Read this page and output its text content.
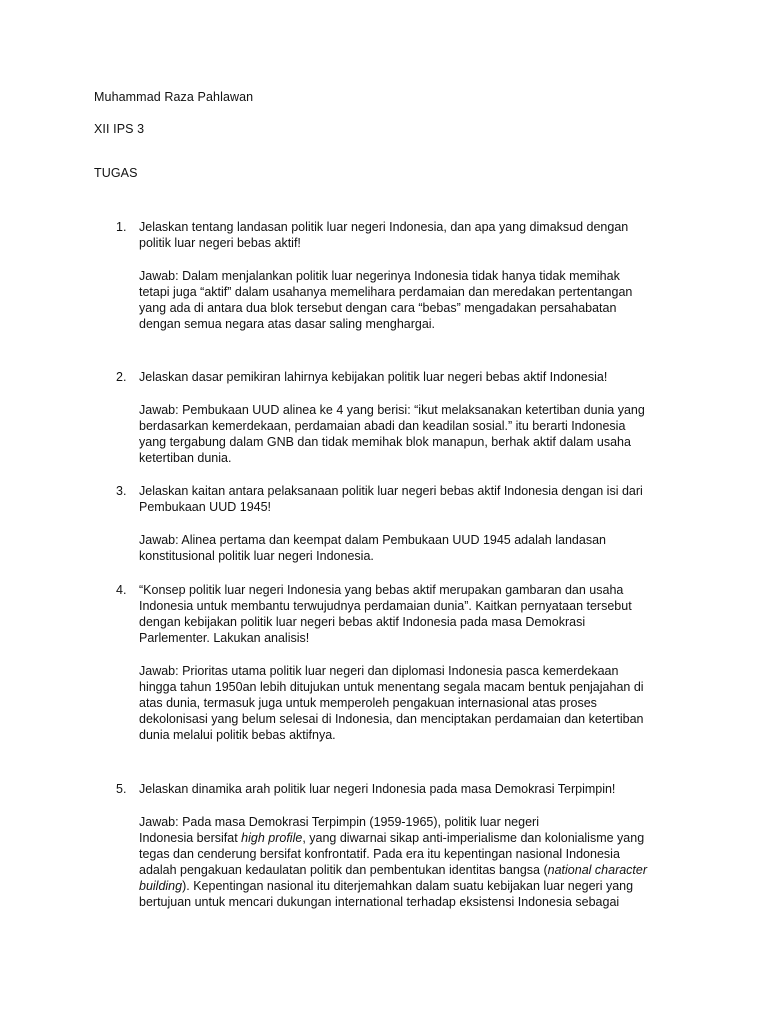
Muhammad Raza Pahlawan
XII IPS 3
TUGAS
1.	Jelaskan tentang landasan politik luar negeri Indonesia, dan apa yang dimaksud dengan
politik luar negeri bebas aktif!
Jawab: Dalam menjalankan politik luar negerinya Indonesia tidak hanya tidak memihak
tetapi juga “aktif” dalam usahanya memelihara perdamaian dan meredakan pertentangan
yang ada di antara dua blok tersebut dengan cara “bebas” mengadakan persahabatan
dengan semua negara atas dasar saling menghargai.
2.	Jelaskan dasar pemikiran lahirnya kebijakan politik luar negeri bebas aktif Indonesia!
Jawab: Pembukaan UUD alinea ke 4 yang berisi: “ikut melaksanakan ketertiban dunia yang
berdasarkan kemerdekaan, perdamaian abadi dan keadilan sosial.” itu berarti Indonesia
yang tergabung dalam GNB dan tidak memihak blok manapun, berhak aktif dalam usaha
ketertiban dunia.
3.	Jelaskan kaitan antara pelaksanaan politik luar negeri bebas aktif Indonesia dengan isi dari
Pembukaan UUD 1945!
Jawab: Alinea pertama dan keempat dalam Pembukaan UUD 1945 adalah landasan
konstitusional politik luar negeri Indonesia.
4.	“Konsep politik luar negeri Indonesia yang bebas aktif merupakan gambaran dan usaha
Indonesia untuk membantu terwujudnya perdamaian dunia”. Kaitkan pernyataan tersebut
dengan kebijakan politik luar negeri bebas aktif Indonesia pada masa Demokrasi
Parlementer. Lakukan analisis!
Jawab: Prioritas utama politik luar negeri dan diplomasi Indonesia pasca kemerdekaan
hingga tahun 1950an lebih ditujukan untuk menentang segala macam bentuk penjajahan di
atas dunia, termasuk juga untuk memperoleh pengakuan internasional atas proses
dekolonisasi yang belum selesai di Indonesia, dan menciptakan perdamaian dan ketertiban
dunia melalui politik bebas aktifnya.
5.	Jelaskan dinamika arah politik luar negeri Indonesia pada masa Demokrasi Terpimpin!
Jawab: Pada masa Demokrasi Terpimpin (1959-1965), politik luar negeri
Indonesia bersifat high profile, yang diwarnai sikap anti-imperialisme dan kolonialisme yang
tegas dan cenderung bersifat konfrontatif. Pada era itu kepentingan nasional Indonesia
adalah pengakuan kedaulatan politik dan pembentukan identitas bangsa (national character
building). Kepentingan nasional itu diterjemahkan dalam suatu kebijakan luar negeri yang
bertujuan untuk mencari dukungan international terhadap eksistensi Indonesia sebagai
